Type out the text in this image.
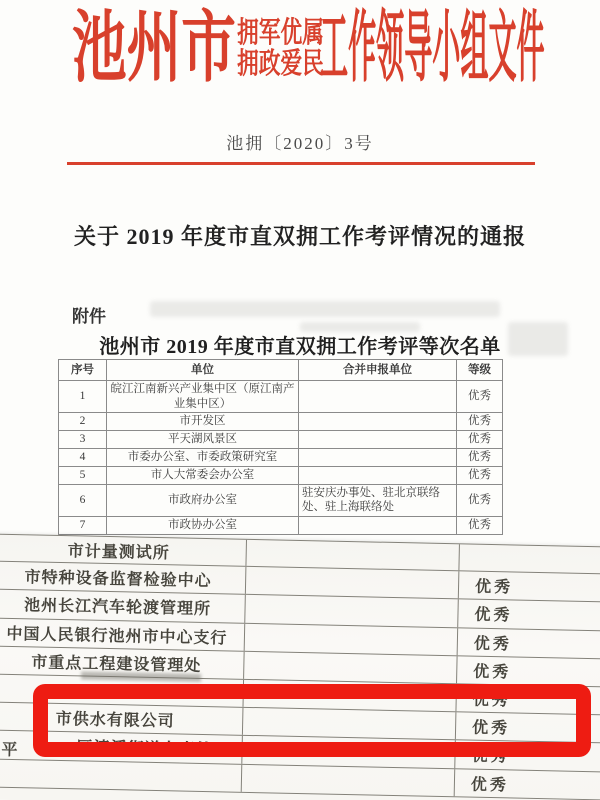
池州市 拥军优属
拥政爱民
工作领导小组文件
池拥〔2020〕3号
关于 2019 年度市直双拥工作考评情况的通报
附件
池州市 2019 年度市直双拥工作考评等次名单
序号	单位	合并申报单位	等级
1	皖江江南新兴产业集中区（原江南产业集中区）		优秀
2	市开发区		优秀
3	平天湖风景区		优秀
4	市委办公室、市委政策研究室		优秀
5	市人大常委会办公室		优秀
6	市政府办公室	驻安庆办事处、驻北京联络处、驻上海联络处	优秀
7	市政协办公室		优秀
市计量测试所
市特种设备监督检验中心	优秀
池州长江汽车轮渡管理所	优秀
中国人民银行池州市中心支行	优秀
市重点工程建设管理处	优秀
优秀
市供水有限公司	优秀
平	区清溪街道办事处	优秀
优秀
